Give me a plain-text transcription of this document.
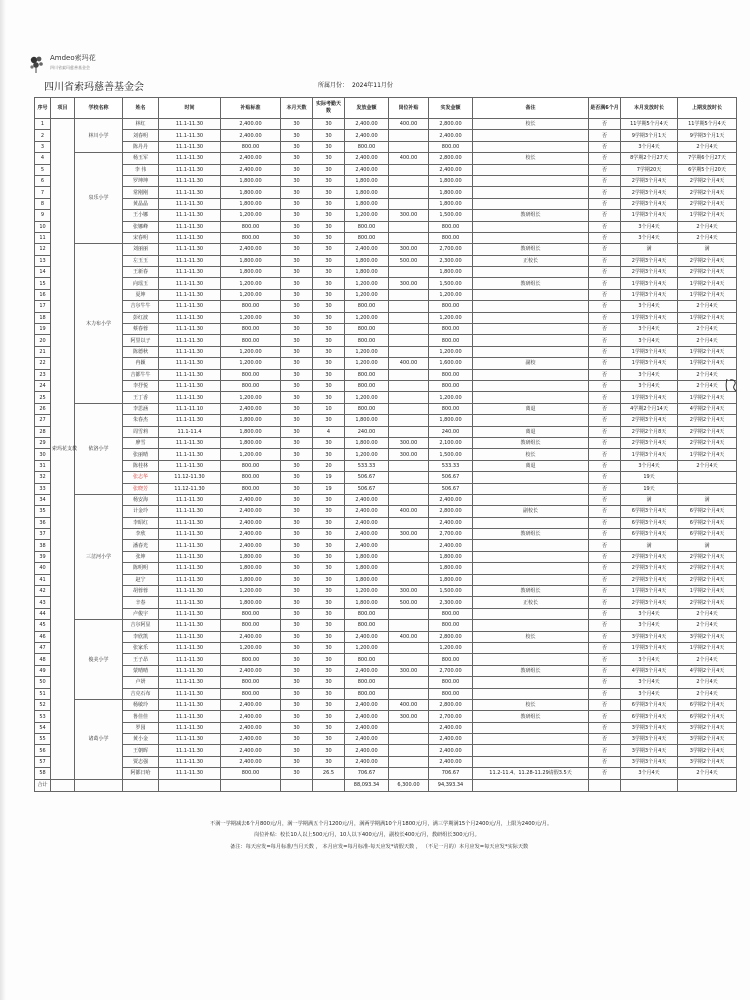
Amdeo索玛花
四川省索玛慈善基金会
四川省索玛慈善基金会	所属月份： 2024年11月份
序号	项目	学校名称	姓名	时间	补贴标准	本月天数	实际考勤天数	发放金额	岗位补贴	实发金额	备注	是否满6个月	本月发放时长	上期发放时长
1	索玛花支教	林川小学	林红	11.1-11.30	2,400.00	30	30	2,400.00	400.00	2,800.00	校长	否	11学期5个月4天	11学期5个月4天
2			刘春明	11.1-11.30	2,400.00	30	30	2,400.00		2,400.00		否	9学期3个月1天	9学期3个月1天
3			陈丹丹	11.1-11.30	800.00	30	30	800.00		800.00		否	3个月4天	2个月4天
4		泉乐小学	杨玉军	11.1-11.30	2,400.00	30	30	2,400.00	400.00	2,800.00	校长	否	8学期2个月27天	7学期6个月27天
5			李 伟	11.1-11.30	2,400.00	30	30	2,400.00		2,400.00		否	7学期20天	6学期5个月20天
6			罗坤坤	11.1-11.30	1,800.00	30	30	1,800.00		1,800.00		否	2学期3个月4天	2学期2个月4天
7			常刚刚	11.1-11.30	1,800.00	30	30	1,800.00		1,800.00		否	2学期3个月4天	2学期2个月4天
8			黄晶晶	11.1-11.30	1,800.00	30	30	1,800.00		1,800.00		否	2学期3个月4天	2学期2个月4天
9			王小娜	11.1-11.30	1,200.00	30	30	1,200.00	300.00	1,500.00	教研组长	否	1学期3个月4天	1学期2个月4天
10			张娜峰	11.1-11.30	800.00	30	30	800.00		800.00		否	3个月4天	2个月4天
11			宋春明	11.1-11.30	800.00	30	30	800.00		800.00		否	3个月4天	2个月4天
12		木力布小学	刘丽丽	11.1-11.30	2,400.00	30	30	2,400.00	300.00	2,700.00	教研组长	否	满	满
13			左玉玉	11.1-11.30	1,800.00	30	30	1,800.00	500.00	2,300.00	正校长	否	2学期3个月4天	2学期2个月4天
14			王新春	11.1-11.30	1,800.00	30	30	1,800.00		1,800.00		否	2学期3个月4天	2学期2个月4天
15			向瑶玉	11.1-11.30	1,200.00	30	30	1,200.00	300.00	1,500.00	教研组长	否	1学期3个月4天	1学期2个月4天
16			夏坤	11.1-11.30	1,200.00	30	30	1,200.00		1,200.00		否	1学期3个月4天	1学期2个月4天
17			吉尔牛牛	11.1-11.30	800.00	30	30	800.00		800.00		否	3个月4天	2个月4天
18			彭红波	11.1-11.30	1,200.00	30	30	1,200.00		1,200.00		否	1学期3个月4天	1学期2个月4天
19			蔡春蓉	11.1-11.30	800.00	30	30	800.00		800.00		否	3个月4天	2个月4天
20			阿里以子	11.1-11.30	800.00	30	30	800.00		800.00		否	3个月4天	2个月4天
21			陈德秋	11.1-11.30	1,200.00	30	30	1,200.00		1,200.00		否	1学期3个月4天	1学期2个月4天
22			冉颖	11.1-11.30	1,200.00	30	30	1,200.00	400.00	1,600.00	副校	否	1学期3个月4天	1学期2个月4天
23			吉都牛牛	11.1-11.30	800.00	30	30	800.00		800.00		否	3个月4天	2个月4天
24			李抒悦	11.1-11.30	800.00	30	30	800.00		800.00		否	3个月4天	2个月4天
25			王丁香	11.1-11.30	1,200.00	30	30	1,200.00		1,200.00		否	1学期3个月4天	1学期2个月4天
26		依洛小学	李思涵	11.1-11.10	2,400.00	30	10	800.00		800.00	离退	否	4学期2个月14天	4学期2个月4天
27			朱春杰	11.1-11.30	1,800.00	30	30	1,800.00		1,800.00		否	2学期3个月4天	2学期2个月4天
28			周雪莉	11.1-11.4	1,800.00	30	4	240.00		240.00	离退	否	2学期2个月8天	2学期2个月4天
29			廖雪	11.1-11.30	1,800.00	30	30	1,800.00	300.00	2,100.00	教研组长	否	2学期3个月4天	2学期2个月4天
30			张丽晴	11.1-11.30	1,200.00	30	30	1,200.00	300.00	1,500.00	校长	否	1学期3个月4天	1学期2个月4天
31			陈桂林	11.1-11.30	800.00	30	20	533.33		533.33	离退	否	3个月4天	2个月4天
32			张志华	11.12-11.30	800.00	30	19	506.67		506.67		否	19天	
33			张晓芳	11.12-11.30	800.00	30	19	506.67		506.67		否	19天	
34		三岔河小学	杨安海	11.1-11.30	2,400.00	30	30	2,400.00		2,400.00		否	满	满
35			计金玲	11.1-11.30	2,400.00	30	30	2,400.00	400.00	2,800.00	副校长	否	6学期3个月4天	6学期2个月4天
36			李昭红	11.1-11.30	2,400.00	30	30	2,400.00		2,400.00		否	6学期3个月4天	6学期2个月4天
37			李欣	11.1-11.30	2,400.00	30	30	2,400.00	300.00	2,700.00	教研组长	否	6学期3个月4天	6学期2个月4天
38			潘春光	11.1-11.30	2,400.00	30	30	2,400.00		2,400.00		否	满	满
39			张坤	11.1-11.30	1,800.00	30	30	1,800.00		1,800.00		否	2学期3个月4天	2学期2个月4天
40			陈明明	11.1-11.30	1,800.00	30	30	1,800.00		1,800.00		否	2学期3个月4天	2学期2个月4天
41			赵宁	11.1-11.30	1,800.00	30	30	1,800.00		1,800.00		否	2学期3个月4天	2学期2个月4天
42			胡蓉蓉	11.1-11.30	1,200.00	30	30	1,200.00	300.00	1,500.00	教研组长	否	1学期3个月4天	1学期2个月4天
43			辛春	11.1-11.30	1,800.00	30	30	1,800.00	500.00	2,300.00	正校长	否	2学期3个月4天	2学期2个月4天
44			卢俊宇	11.1-11.30	800.00	30	30	800.00		800.00		否	3个月4天	2个月4天
45		俊美小学	吉尔阿显	11.1-11.30	800.00	30	30	800.00		800.00		否	3个月4天	2个月4天
46			李欣凯	11.1-11.30	2,400.00	30	30	2,400.00	400.00	2,800.00	校长	否	3学期3个月4天	3学期2个月4天
47			张家乐	11.1-11.30	1,200.00	30	30	1,200.00		1,200.00		否	1学期3个月4天	1学期2个月4天
48			王子昂	11.1-11.30	800.00	30	30	800.00		800.00		否	3个月4天	2个月4天
49			蒙晴晴	11.1-11.30	2,400.00	30	30	2,400.00	300.00	2,700.00	教研组长	否	4学期3个月4天	4学期2个月4天
50			卢妍	11.1-11.30	800.00	30	30	800.00		800.00		否	3个月4天	2个月4天
51			吉克石布	11.1-11.30	800.00	30	30	800.00		800.00		否	3个月4天	2个月4天
52		诸葛小学	杨敏玲	11.1-11.30	2,400.00	30	30	2,400.00	400.00	2,800.00	校长	否	6学期3个月4天	6学期2个月4天
53			鲁佳佳	11.1-11.30	2,400.00	30	30	2,400.00	300.00	2,700.00	教研组长	否	6学期3个月4天	6学期2个月4天
54			罗园	11.1-11.30	2,400.00	30	30	2,400.00		2,400.00		否	3学期3个月4天	3学期2个月4天
55			黄小金	11.1-11.30	2,400.00	30	30	2,400.00		2,400.00		否	3学期3个月4天	3学期2个月4天
56			王朝晖	11.1-11.30	2,400.00	30	30	2,400.00		2,400.00		否	3学期3个月4天	3学期2个月4天
57			贾志强	11.1-11.30	2,400.00	30	30	2,400.00		2,400.00		否	3学期3个月4天	3学期2个月4天
58			阿都日哈	11.1-11.30	800.00	30	26.5	706.67		706.67	11.2-11.4、11.28-11.29请假3.5天	否	3个月4天	2个月4天
合计								88,093.34	6,300.00	94,393.34				
不满一学期减去6个月800元/月，满一学期满五个月1200元/月，满两学期满10个月1800元/月，满三学期满15个月2400元/月，上限为2400元/月。
岗位补贴：校长10人以上500元/月，10人以下400元/月，副校长400元/月，教研组长300元/月。
备注：每天应发=每月标准/当月天数 ， 本月应发=每月标准-每天应发*请假天数 ， （不足一月的）本月应发=每天应发*实际天数
